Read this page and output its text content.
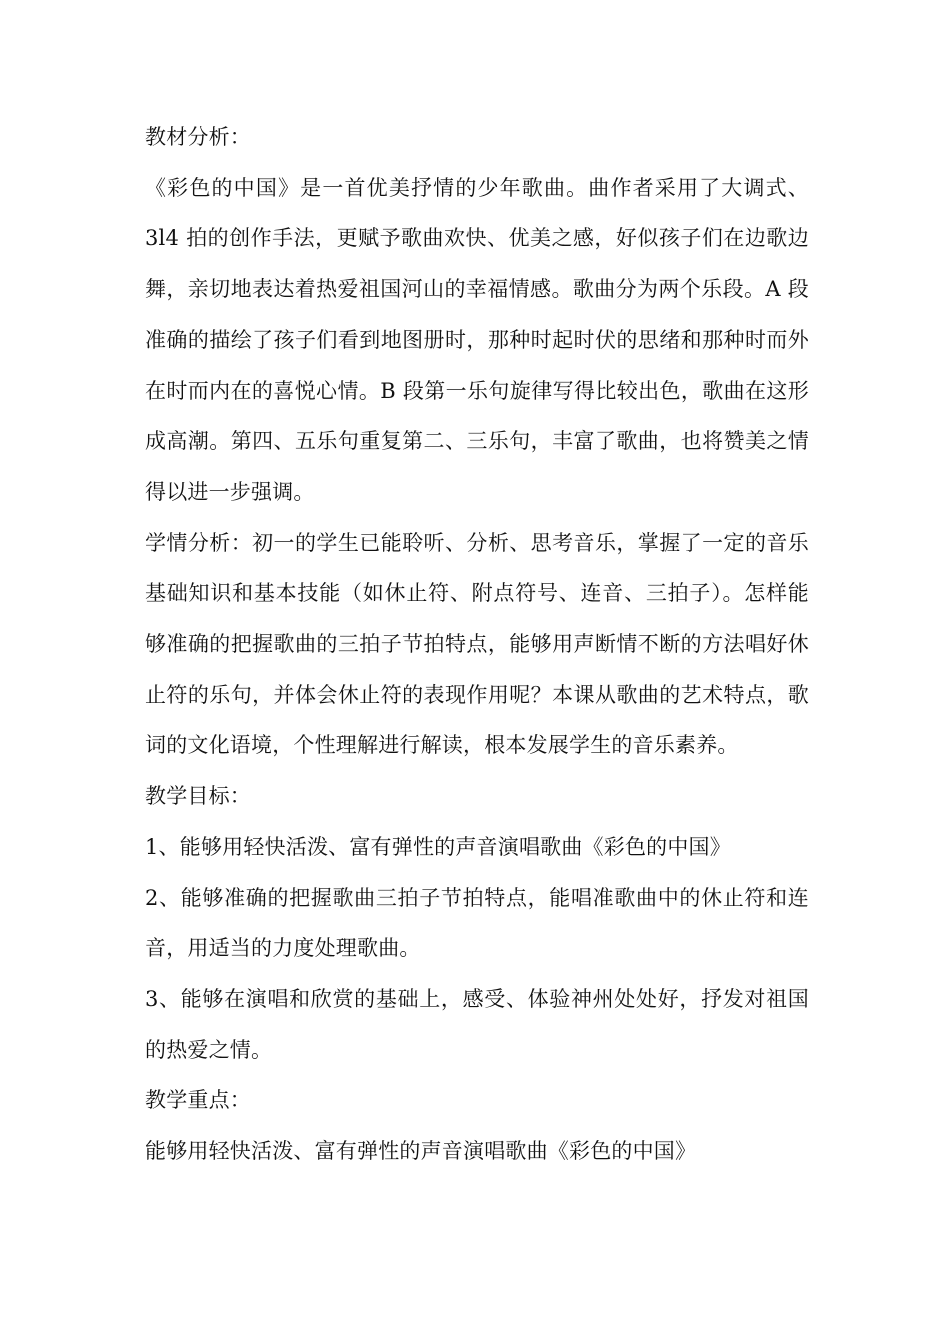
教材分析：

《彩色的中国》是一首优美抒情的少年歌曲。曲作者采用了大调式、3l4 拍的创作手法，更赋予歌曲欢快、优美之感，好似孩子们在边歌边舞，亲切地表达着热爱祖国河山的幸福情感。歌曲分为两个乐段。A 段准确的描绘了孩子们看到地图册时，那种时起时伏的思绪和那种时而外在时而内在的喜悦心情。B 段第一乐句旋律写得比较出色，歌曲在这形成高潮。第四、五乐句重复第二、三乐句，丰富了歌曲，也将赞美之情得以进一步强调。

学情分析：初一的学生已能聆听、分析、思考音乐，掌握了一定的音乐基础知识和基本技能（如休止符、附点符号、连音、三拍子）。怎样能够准确的把握歌曲的三拍子节拍特点，能够用声断情不断的方法唱好休止符的乐句，并体会休止符的表现作用呢？本课从歌曲的艺术特点，歌词的文化语境，个性理解进行解读，根本发展学生的音乐素养。

教学目标：

1、能够用轻快活泼、富有弹性的声音演唱歌曲《彩色的中国》

2、能够准确的把握歌曲三拍子节拍特点，能唱准歌曲中的休止符和连音，用适当的力度处理歌曲。

3、能够在演唱和欣赏的基础上，感受、体验神州处处好，抒发对祖国的热爱之情。

教学重点：

能够用轻快活泼、富有弹性的声音演唱歌曲《彩色的中国》
